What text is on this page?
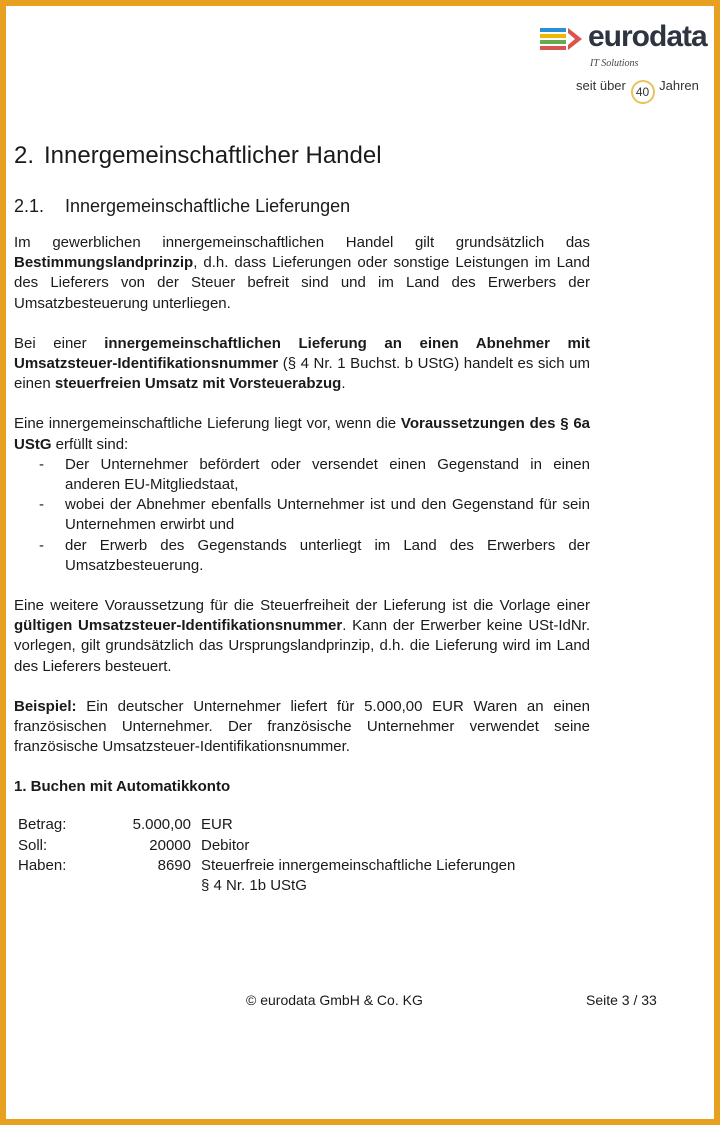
eurodata
IT Solutions
seit über 40 Jahren
2. Innergemeinschaftlicher Handel
2.1. Innergemeinschaftliche Lieferungen

Im gewerblichen innergemeinschaftlichen Handel gilt grundsätzlich das Bestimmungslandprinzip, d.h. dass Lieferungen oder sonstige Leistungen im Land des Lieferers von der Steuer befreit sind und im Land des Erwerbers der Umsatzbesteuerung unterliegen.

Bei einer innergemeinschaftlichen Lieferung an einen Abnehmer mit Umsatzsteuer-Identifikationsnummer (§ 4 Nr. 1 Buchst. b UStG) handelt es sich um einen steuerfreien Umsatz mit Vorsteuerabzug.

Eine innergemeinschaftliche Lieferung liegt vor, wenn die Voraussetzungen des § 6a UStG erfüllt sind:

- Der Unternehmer befördert oder versendet einen Gegenstand in einen anderen EU-Mitgliedstaat,
- wobei der Abnehmer ebenfalls Unternehmer ist und den Gegenstand für sein Unternehmen erwirbt und
- der Erwerb des Gegenstands unterliegt im Land des Erwerbers der Umsatzbesteuerung.

Eine weitere Voraussetzung für die Steuerfreiheit der Lieferung ist die Vorlage einer gültigen Umsatzsteuer-Identifikationsnummer. Kann der Erwerber keine USt-IdNr. vorlegen, gilt grundsätzlich das Ursprungslandprinzip, d.h. die Lieferung wird im Land des Lieferers besteuert.

Beispiel: Ein deutscher Unternehmer liefert für 5.000,00 EUR Waren an einen französischen Unternehmer. Der französische Unternehmer verwendet seine französische Umsatzsteuer-Identifikationsnummer.

1. Buchen mit Automatikkonto
Betrag:	5.000,00	EUR
Soll:	20000	Debitor
Haben:	8690	Steuerfreie innergemeinschaftliche Lieferungen
		§ 4 Nr. 1b UStG
© eurodata GmbH & Co. KG	Seite 3 / 33
